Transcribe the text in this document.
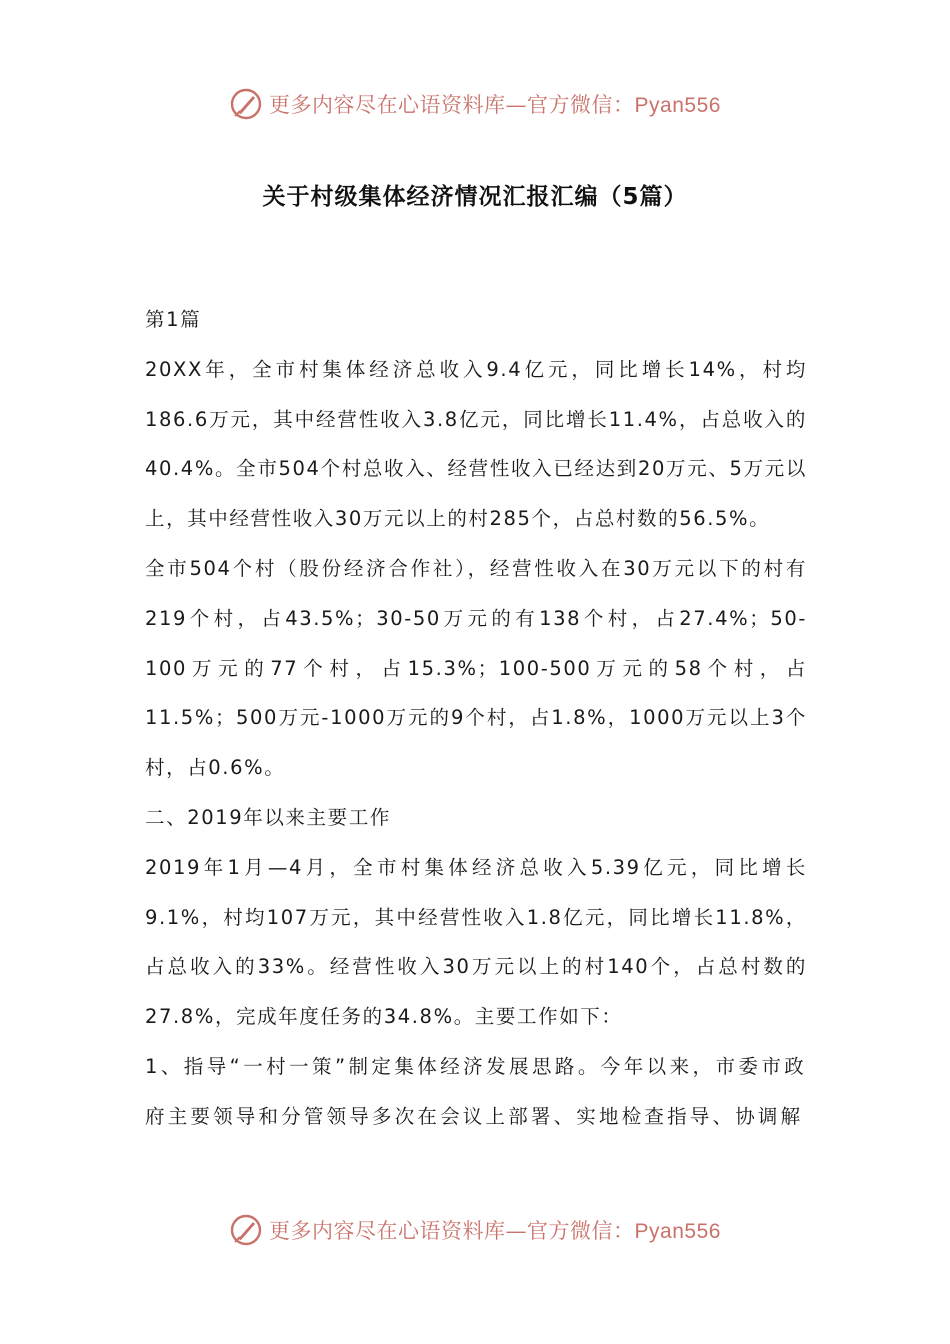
更多内容尽在心语资料库—官方微信：Pyan556
关于村级集体经济情况汇报汇编（5篇）

第1篇

20XX年，全市村集体经济总收入9.4亿元，同比增长14%，村均186.6万元，其中经营性收入3.8亿元，同比增长11.4%，占总收入的40.4%。全市504个村总收入、经营性收入已经达到20万元、5万元以上，其中经营性收入30万元以上的村285个，占总村数的56.5%。

全市504个村（股份经济合作社），经营性收入在30万元以下的村有219个村，占43.5%；30-50万元的有138个村，占27.4%；50-100万元的77个村，占15.3%；100-500万元的58个村，占11.5%；500万元-1000万元的9个村，占1.8%，1000万元以上3个村，占0.6%。

二、2019年以来主要工作

2019年1月—4月，全市村集体经济总收入5.39亿元，同比增长9.1%，村均107万元，其中经营性收入1.8亿元，同比增长11.8%，占总收入的33%。经营性收入30万元以上的村140个，占总村数的27.8%，完成年度任务的34.8%。主要工作如下：

1、指导“一村一策”制定集体经济发展思路。今年以来，市委市政府主要领导和分管领导多次在会议上部署、实地检查指导、协调解

更多内容尽在心语资料库—官方微信：Pyan556
